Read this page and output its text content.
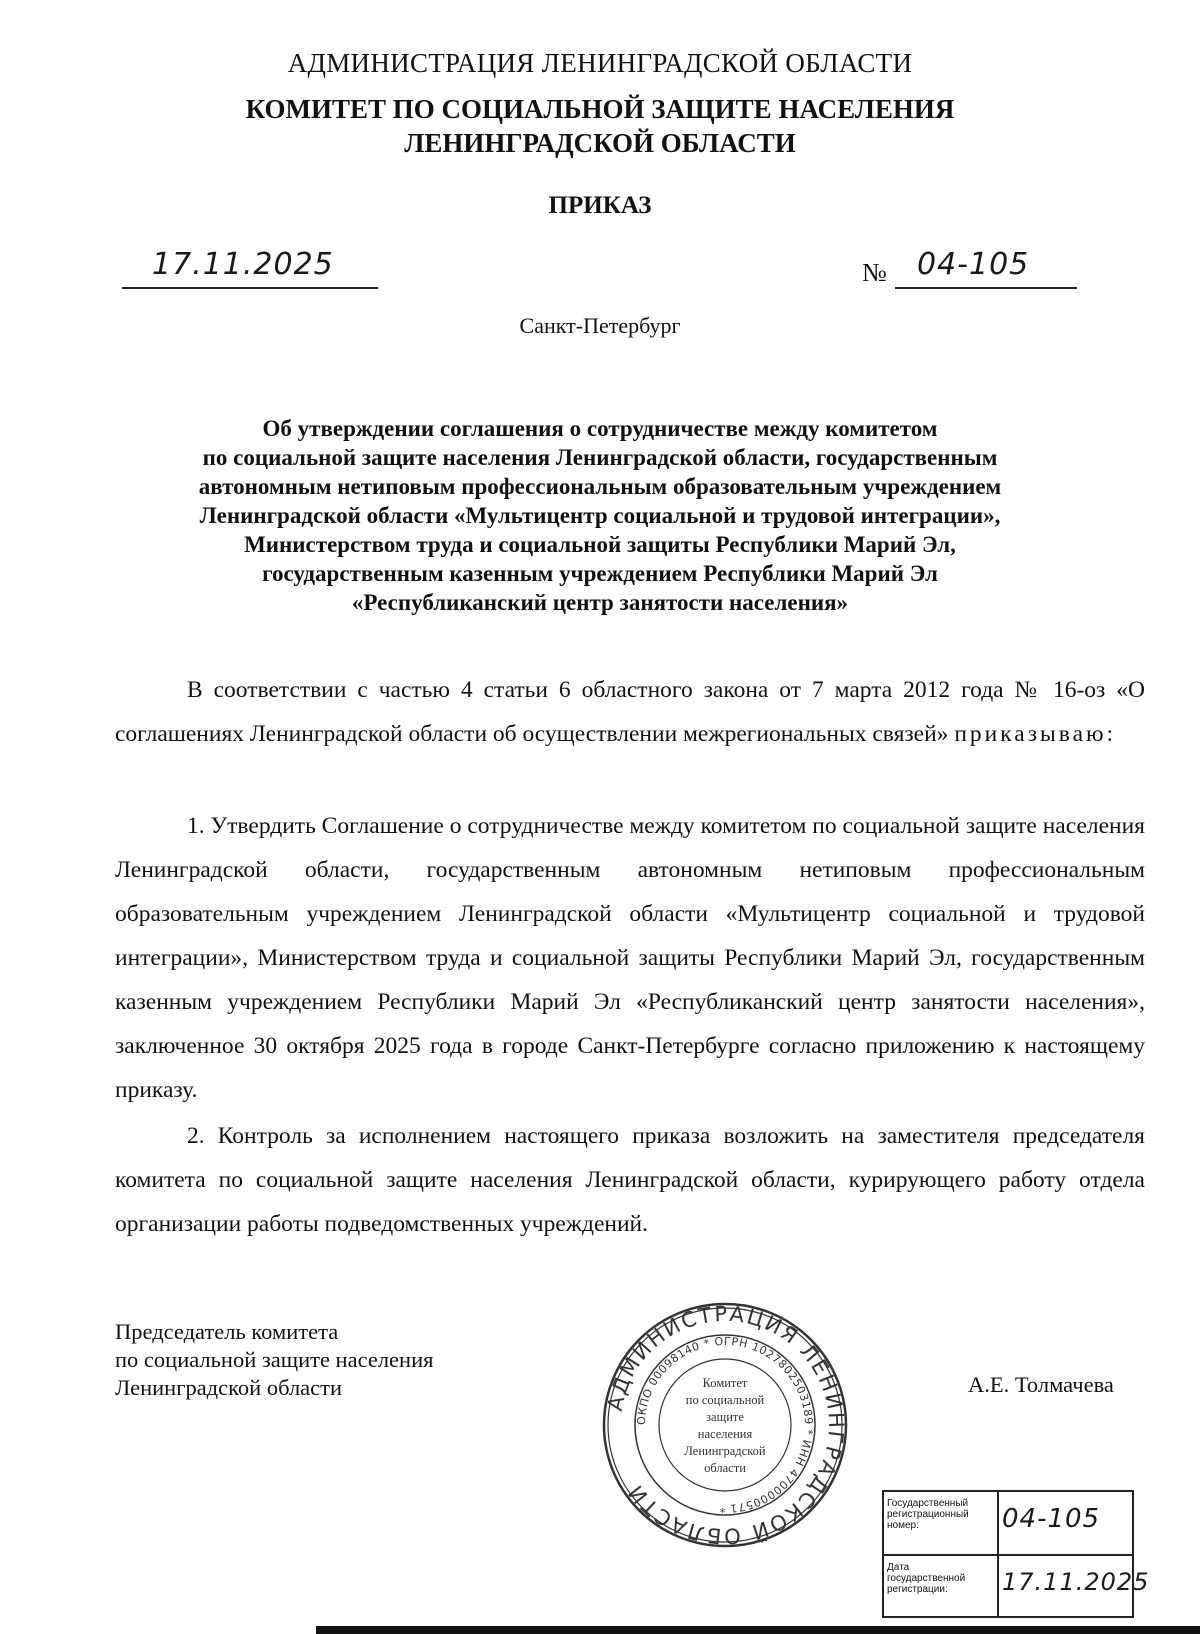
АДМИНИСТРАЦИЯ ЛЕНИНГРАДСКОЙ ОБЛАСТИ
КОМИТЕТ ПО СОЦИАЛЬНОЙ ЗАЩИТЕ НАСЕЛЕНИЯ
ЛЕНИНГРАДСКОЙ ОБЛАСТИ
ПРИКАЗ
17.11.2025	№ 04-105
Санкт-Петербург
Об утверждении соглашения о сотрудничестве между комитетом
по социальной защите населения Ленинградской области, государственным
автономным нетиповым профессиональным образовательным учреждением
Ленинградской области «Мультицентр социальной и трудовой интеграции»,
Министерством труда и социальной защиты Республики Марий Эл,
государственным казенным учреждением Республики Марий Эл
«Республиканский центр занятости населения»
В соответствии с частью 4 статьи 6 областного закона от 7 марта 2012 года № 16-оз «О соглашениях Ленинградской области об осуществлении межрегиональных связей» приказываю:
1. Утвердить Соглашение о сотрудничестве между комитетом по социальной защите населения Ленинградской области, государственным автономным нетиповым профессиональным образовательным учреждением Ленинградской области «Мультицентр социальной и трудовой интеграции», Министерством труда и социальной защиты Республики Марий Эл, государственным казенным учреждением Республики Марий Эл «Республиканский центр занятости населения», заключенное 30 октября 2025 года в городе Санкт-Петербурге согласно приложению к настоящему приказу.
2. Контроль за исполнением настоящего приказа возложить на заместителя председателя комитета по социальной защите населения Ленинградской области, курирующего работу отдела организации работы подведомственных учреждений.
Председатель комитета
по социальной защите населения
Ленинградской области	А.Е. Толмачева
АДМИНИСТРАЦИЯ ЛЕНИНГРАДСКОЙ ОБЛАСТИ
ОКПО 00098140 * ОГРН 1027802503189 * ИНН 4700000571 *
Комитет
по социальной
защите
населения
Ленинградской
области
Государственный
регистрационный
номер:	04-105
Дата
государственной
регистрации:	17.11.2025
